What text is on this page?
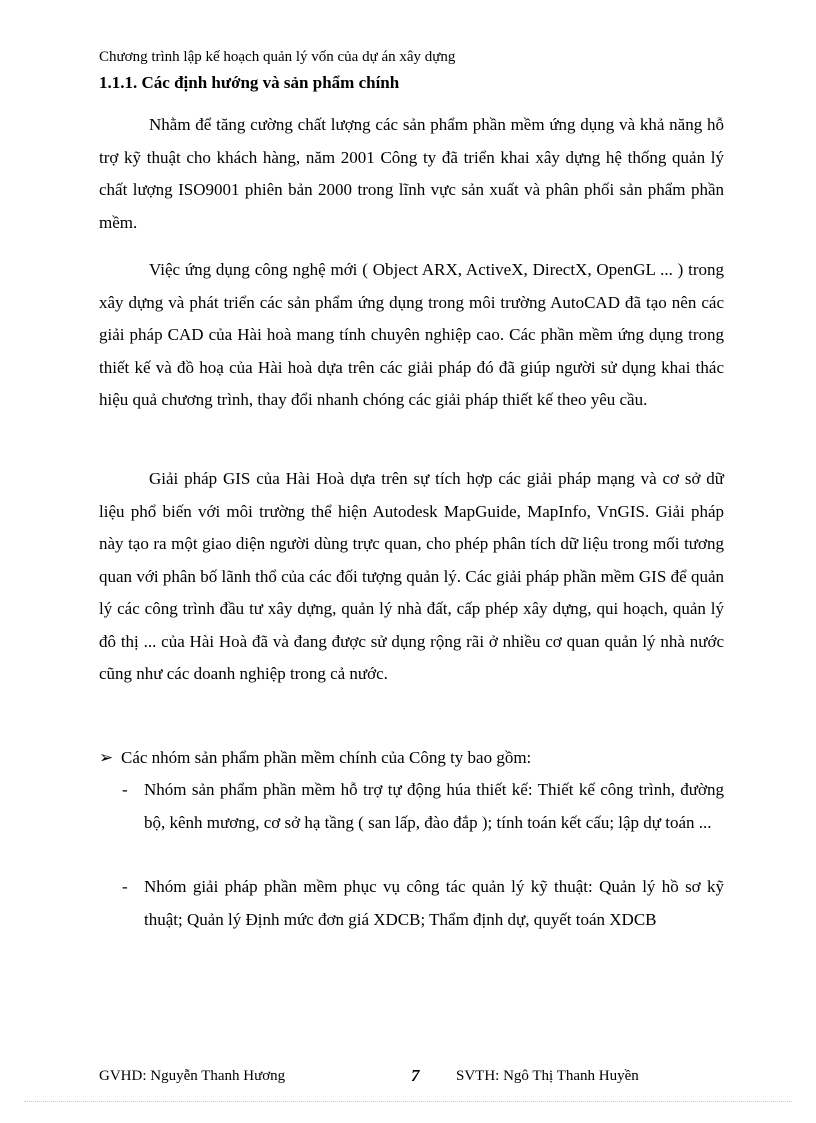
Chương trình lập kế hoạch quản lý vốn của dự án xây dựng
1.1.1. Các định hướng và sản phẩm chính

Nhằm để tăng cường chất lượng các sản phẩm phần mềm ứng dụng và khả năng hỗ trợ kỹ thuật cho khách hàng, năm 2001 Công ty đã triển khai xây dựng hệ thống quản lý chất lượng ISO9001 phiên bản 2000 trong lĩnh vực sản xuất và phân phối sản phẩm phần mềm.

Việc ứng dụng công nghệ mới ( Object ARX, ActiveX, DirectX, OpenGL ... ) trong xây dựng và phát triển các sản phẩm ứng dụng trong môi trường AutoCAD đã tạo nên các giải pháp CAD của Hài hoà mang tính chuyên nghiệp cao. Các phần mềm ứng dụng trong thiết kế và đồ hoạ của Hài hoà dựa trên các giải pháp đó đã giúp người sử dụng khai thác hiệu quả chương trình, thay đổi nhanh chóng các giải pháp thiết kế theo yêu cầu.

Giải pháp GIS của Hài Hoà dựa trên sự tích hợp các giải pháp mạng và cơ sở dữ liệu phổ biến với môi trường thể hiện Autodesk MapGuide, MapInfo, VnGIS. Giải pháp này tạo ra một giao diện người dùng trực quan, cho phép phân tích dữ liệu trong mối tương quan với phân bố lãnh thổ của các đối tượng quản lý. Các giải pháp phần mềm GIS để quản lý các công trình đầu tư xây dựng, quản lý nhà đất, cấp phép xây dựng, qui hoạch, quản lý đô thị ... của Hài Hoà đã và đang được sử dụng rộng rãi ở nhiều cơ quan quản lý nhà nước cũng như các doanh nghiệp trong cả nước.

➢ Các nhóm sản phẩm phần mềm chính của Công ty bao gồm:
- Nhóm sản phẩm phần mềm hỗ trợ tự động húa thiết kế: Thiết kế công trình, đường bộ, kênh mương, cơ sở hạ tầng ( san lấp, đào đắp ); tính toán kết cấu; lập dự toán ...
- Nhóm giải pháp phần mềm phục vụ công tác quản lý kỹ thuật: Quản lý hồ sơ kỹ thuật; Quản lý Định mức đơn giá XDCB; Thẩm định dự, quyết toán XDCB
GVHD: Nguyễn Thanh Hương	7 SVTH: Ngô Thị Thanh Huyền
